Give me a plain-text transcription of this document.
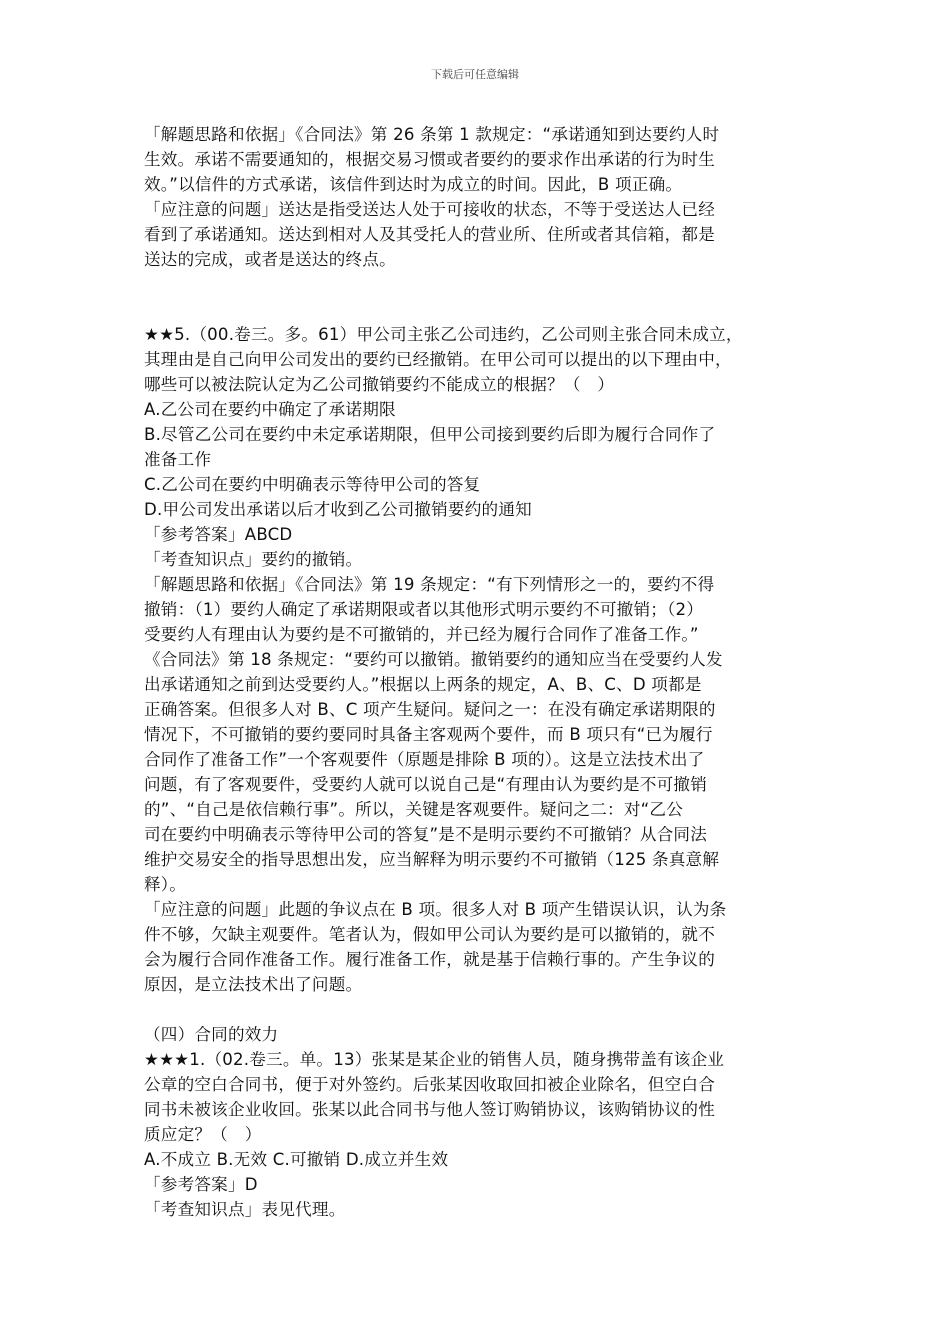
下载后可任意编辑
「解题思路和依据」《合同法》第 26 条第 1 款规定：“承诺通知到达要约人时
生效。承诺不需要通知的，根据交易习惯或者要约的要求作出承诺的行为时生
效。”以信件的方式承诺，该信件到达时为成立的时间。因此，B 项正确。
「应注意的问题」送达是指受送达人处于可接收的状态，不等于受送达人已经
看到了承诺通知。送达到相对人及其受托人的营业所、住所或者其信箱，都是
送达的完成，或者是送达的终点。
★★5.（00.卷三。多。61）甲公司主张乙公司违约，乙公司则主张合同未成立，
其理由是自己向甲公司发出的要约已经撤销。在甲公司可以提出的以下理由中，
哪些可以被法院认定为乙公司撤销要约不能成立的根据？（　）
A.乙公司在要约中确定了承诺期限
B.尽管乙公司在要约中未定承诺期限，但甲公司接到要约后即为履行合同作了
准备工作
C.乙公司在要约中明确表示等待甲公司的答复
D.甲公司发出承诺以后才收到乙公司撤销要约的通知
「参考答案」ABCD
「考查知识点」要约的撤销。
「解题思路和依据」《合同法》第 19 条规定：“有下列情形之一的，要约不得
撤销：（1）要约人确定了承诺期限或者以其他形式明示要约不可撤销；（2）
受要约人有理由认为要约是不可撤销的，并已经为履行合同作了准备工作。”
《合同法》第 18 条规定：“要约可以撤销。撤销要约的通知应当在受要约人发
出承诺通知之前到达受要约人。”根据以上两条的规定，A、B、C、D 项都是
正确答案。但很多人对 B、C 项产生疑问。疑问之一：在没有确定承诺期限的
情况下，不可撤销的要约要同时具备主客观两个要件，而 B 项只有“已为履行
合同作了准备工作”一个客观要件（原题是排除 B 项的）。这是立法技术出了
问题，有了客观要件，受要约人就可以说自己是“有理由认为要约是不可撤销
的”、“自己是依信赖行事”。所以，关键是客观要件。疑问之二：对“乙公
司在要约中明确表示等待甲公司的答复”是不是明示要约不可撤销？从合同法
维护交易安全的指导思想出发，应当解释为明示要约不可撤销（125 条真意解
释）。
「应注意的问题」此题的争议点在 B 项。很多人对 B 项产生错误认识，认为条
件不够，欠缺主观要件。笔者认为，假如甲公司认为要约是可以撤销的，就不
会为履行合同作准备工作。履行准备工作，就是基于信赖行事的。产生争议的
原因，是立法技术出了问题。
（四）合同的效力
★★★1.（02.卷三。单。13）张某是某企业的销售人员，随身携带盖有该企业
公章的空白合同书，便于对外签约。后张某因收取回扣被企业除名，但空白合
同书未被该企业收回。张某以此合同书与他人签订购销协议，该购销协议的性
质应定？（　）
A.不成立 B.无效 C.可撤销 D.成立并生效
「参考答案」D
「考查知识点」表见代理。
